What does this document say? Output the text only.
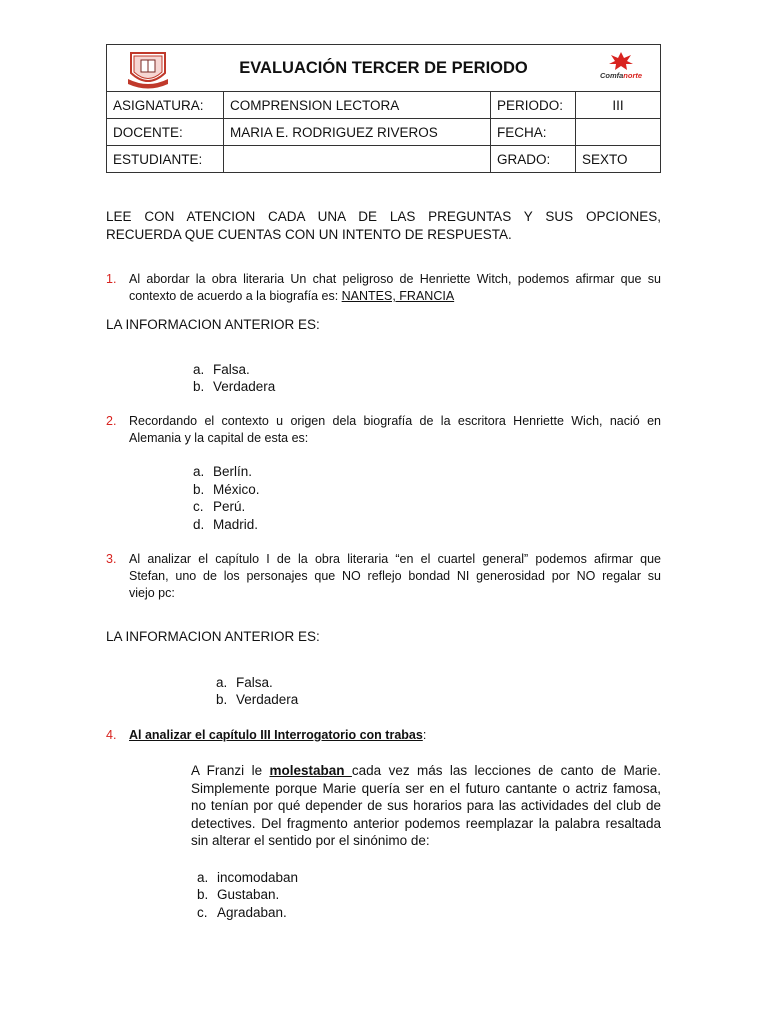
EVALUACIÓN TERCER DE PERIODO Comfanorte			

ASIGNATURA:	COMPRENSION LECTORA	PERIODO:	III
DOCENTE:	MARIA E. RODRIGUEZ RIVEROS	FECHA:	
ESTUDIANTE:		GRADO:	SEXTO
LEE CON ATENCION CADA UNA DE LAS PREGUNTAS Y SUS OPCIONES,
RECUERDA QUE CUENTAS CON UN INTENTO DE RESPUESTA.
1. Al abordar la obra literaria Un chat peligroso de Henriette Witch, podemos afirmar que su
contexto de acuerdo a la biografía es: NANTES, FRANCIA
LA INFORMACION ANTERIOR ES:
a. Falsa.
b. Verdadera
2. Recordando el contexto u origen dela biografía de la escritora Henriette Wich, nació en
Alemania y la capital de esta es:
a. Berlín.
b. México.
c. Perú.
d. Madrid.
3. Al analizar el capítulo I de la obra literaria “en el cuartel general” podemos afirmar que
Stefan, uno de los personajes que NO reflejo bondad NI generosidad por NO regalar su
viejo pc:
LA INFORMACION ANTERIOR ES:
a. Falsa.
b. Verdadera
4. Al analizar el capítulo III Interrogatorio con trabas:
A Franzi le molestaban cada vez más las lecciones de canto de Marie.
Simplemente porque Marie quería ser en el futuro cantante o actriz famosa,
no tenían por qué depender de sus horarios para las actividades del club de
detectives. Del fragmento anterior podemos reemplazar la palabra resaltada
sin alterar el sentido por el sinónimo de:
a. incomodaban
b. Gustaban.
c. Agradaban.
